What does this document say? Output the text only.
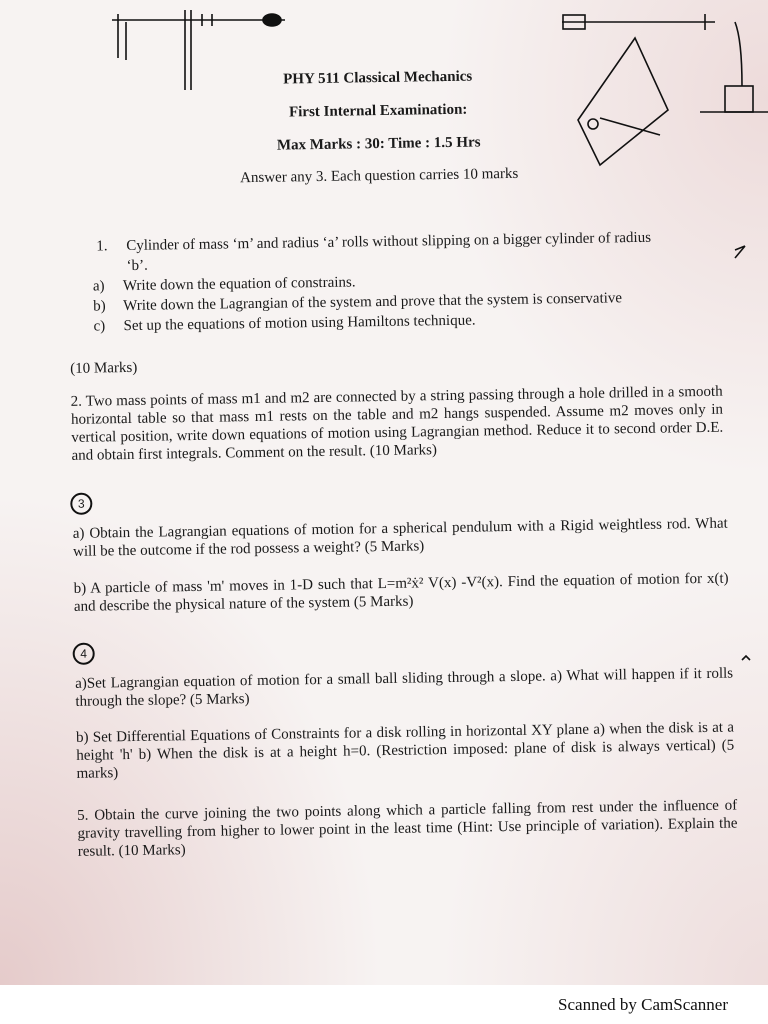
PHY 511 Classical Mechanics
First Internal Examination:
Max Marks : 30: Time : 1.5 Hrs
Answer any 3. Each question carries 10 marks
1. Cylinder of mass ‘m’ and radius ‘a’ rolls without slipping on a bigger cylinder of radius
‘b’.
a) Write down the equation of constrains.
b) Write down the Lagrangian of the system and prove that the system is conservative
c) Set up the equations of motion using Hamiltons technique.
(10 Marks)
2. Two mass points of mass m1 and m2 are connected by a string passing through a hole drilled in a smooth horizontal table so that mass m1 rests on the table and m2 hangs suspended. Assume m2 moves only in vertical position, write down equations of motion using Lagrangian method. Reduce it to second order D.E. and obtain first integrals. Comment on the result. (10 Marks)
3
a) Obtain the Lagrangian equations of motion for a spherical pendulum with a Rigid weightless rod. What will be the outcome if the rod possess a weight? (5 Marks)
b) A particle of mass 'm' moves in 1-D such that L=m²ẋ² V(x) -V²(x). Find the equation of motion for x(t) and describe the physical nature of the system (5 Marks)
4
a)Set Lagrangian equation of motion for a small ball sliding through a slope. a) What will happen if it rolls through the slope? (5 Marks)
b) Set Differential Equations of Constraints for a disk rolling in horizontal XY plane a) when the disk is at a height 'h' b) When the disk is at a height h=0. (Restriction imposed: plane of disk is always vertical) (5 marks)
5. Obtain the curve joining the two points along which a particle falling from rest under the influence of gravity travelling from higher to lower point in the least time (Hint: Use principle of variation). Explain the result. (10 Marks)
Scanned by CamScanner
